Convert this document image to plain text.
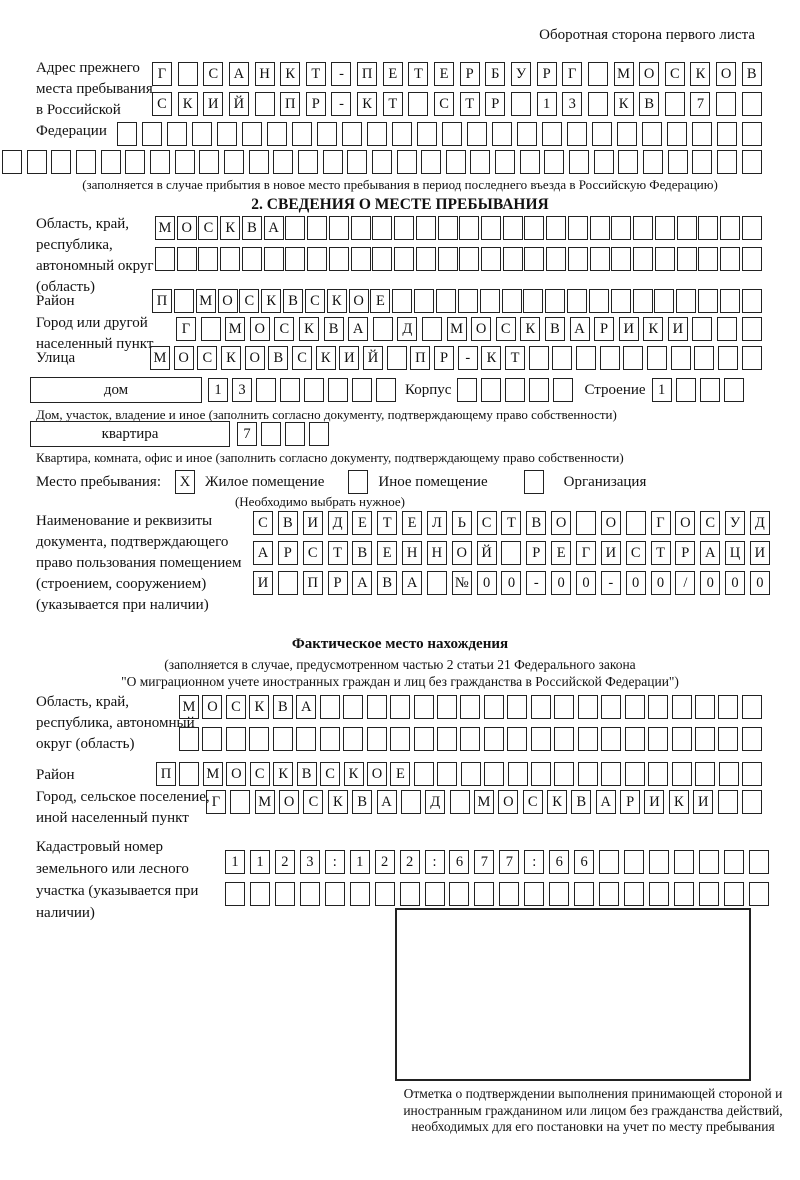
Оборотная сторона первого листа
Адрес прежнего места пребывания в Российской Федерации
Г	С	А	Н	К	Т	-	П	Е	Т	Е	Р	Б	У	Р	Г	М О	С	К	О	В
С	К	И	Й	П	Р	-	К	Т	С	Т	Р	1	3	К	В	7
(заполняется в случае прибытия в новое место пребывания в период последнего въезда в Российскую Федерацию)
2. СВЕДЕНИЯ О МЕСТЕ ПРЕБЫВАНИЯ
Область, край, республика, автономный округ (область)
М О С К В А
Район	П	М О С К В С К О Е
Город или другой населенный пункт
Г	М О	С	К	В	А	Д	М О	С	К	В	А	Р	И	К	И
Улица	М О С К О В С К И Й	П Р	-	К Т
дом	1	3	Корпус	Строение 1
Дом, участок, владение и иное (заполнить согласно документу, подтверждающему право собственности)
квартира	7
Квартира, комната, офис и иное (заполнить согласно документу, подтверждающему право собственности)
Место пребывания:	X Жилое помещение	Иное помещение	Организация
(Необходимо выбрать нужное)
Наименование и реквизиты документа, подтверждающего право пользования помещением (строением, сооружением) (указывается при наличии)
С	В	И	Д	Е	Т	Е	Л	Ь	С	Т	В	О	О	Г	О	С	У	Д
А	Р	С	Т	В	Е	Н Н О Й	Р	Е	Г	И	С	Т	Р	А Ц И
И	П	Р	А	В	А	№ 0	0	-	0	0	-	0	0	/	0	0	0
Фактическое место нахождения
(заполняется в случае, предусмотренном частью 2 статьи 21 Федерального закона
"О миграционном учете иностранных граждан и лиц без гражданства в Российской Федерации")
Область, край, республика, автономный округ (область)
М О С К В А
Район	П	М О С К В С К О Е
Город, сельское поселение, иной населенный пункт
Г	М О С	К	В А	Д	М О С	К	В А	Р	И К И
Кадастровый номер земельного или лесного участка (указывается при наличии)
1	1	2	3	:	1	2	2	:	6	7	7	:	6	6
Отметка о подтверждении выполнения принимающей стороной и иностранным гражданином или лицом без гражданства действий, необходимых для его постановки на учет по месту пребывания
